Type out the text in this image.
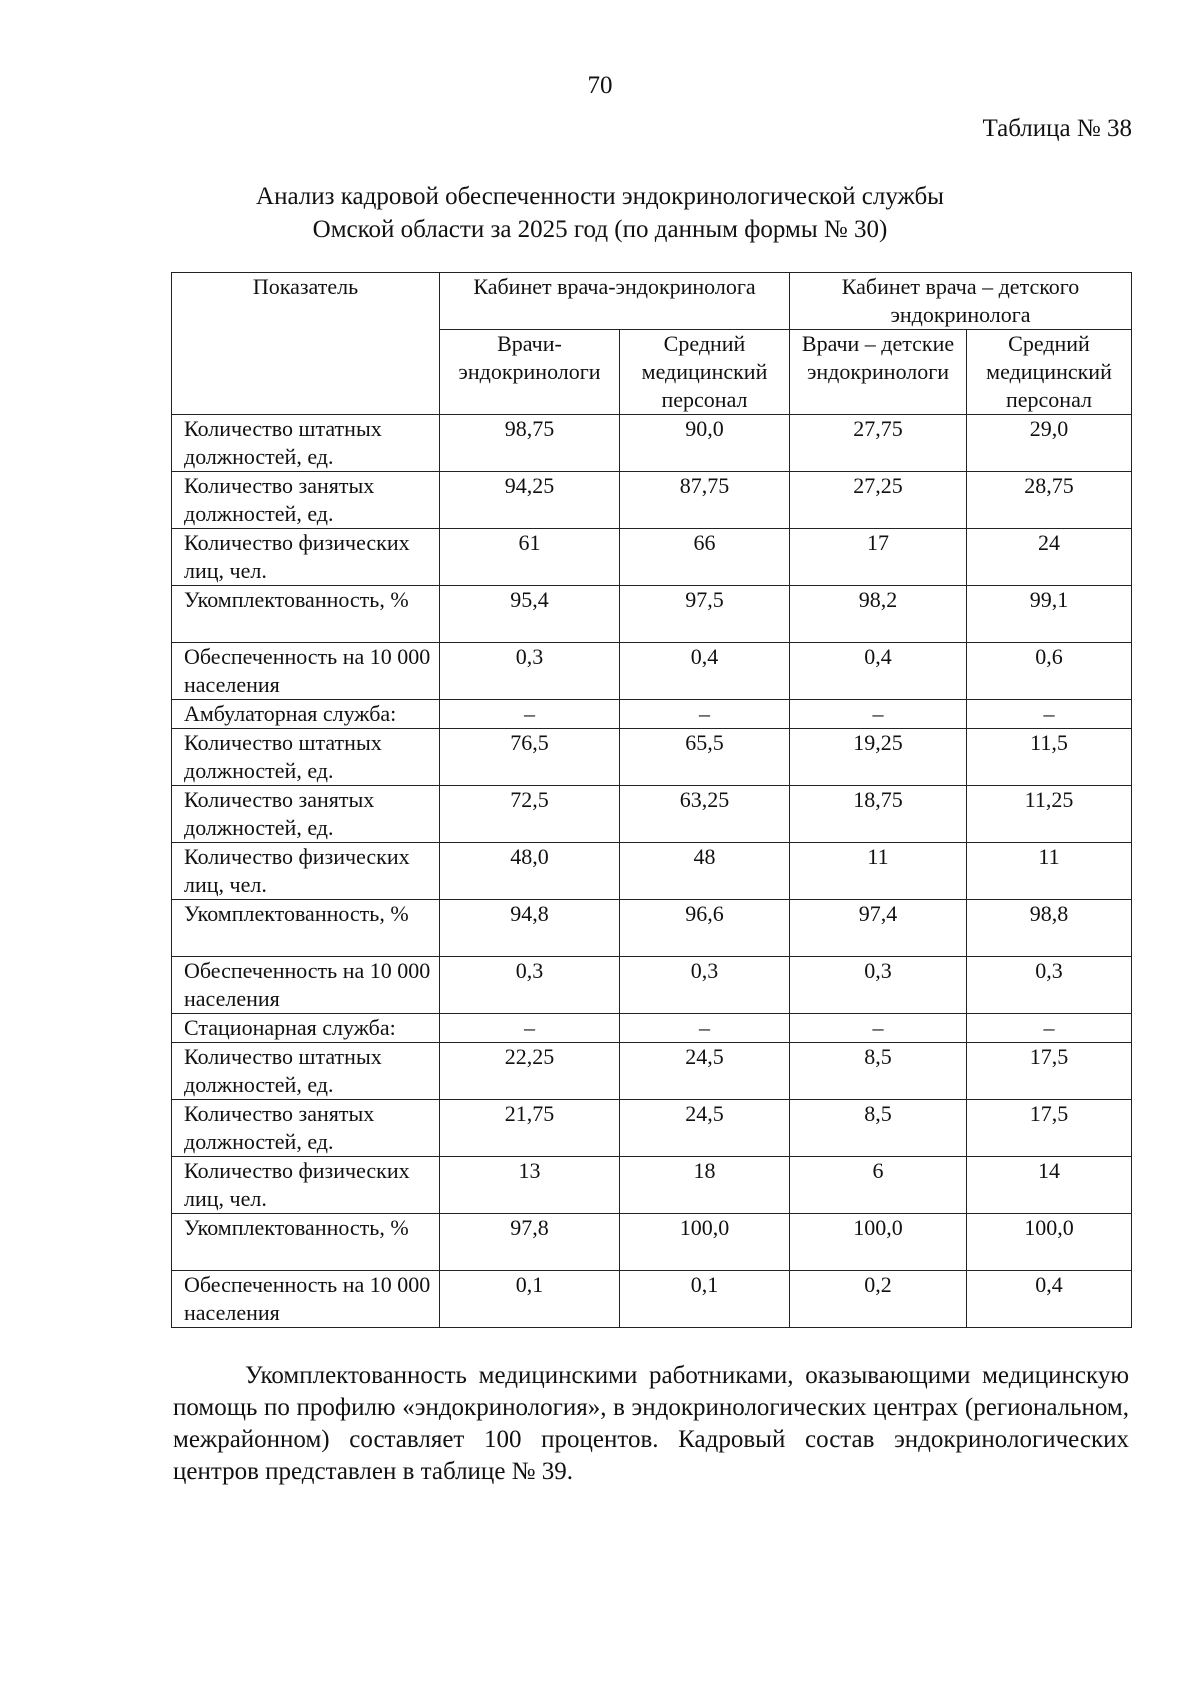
70
Таблица № 38
Анализ кадровой обеспеченности эндокринологической службы
Омской области за 2025 год (по данным формы № 30)
Показатель	Кабинет врача-эндокринолога		Кабинет врача – детского эндокринолога	
	Врачи-эндокринологи	Средний медицинский персонал	Врачи – детские эндокринологи	Средний медицинский персонал
Количество штатных должностей, ед.	98,75	90,0	27,75	29,0
Количество занятых должностей, ед.	94,25	87,75	27,25	28,75
Количество физических лиц, чел.	61	66	17	24
Укомплектованность, %	95,4	97,5	98,2	99,1
Обеспеченность на 10 000 населения	0,3	0,4	0,4	0,6
Амбулаторная служба:	–	–	–	–
Количество штатных должностей, ед.	76,5	65,5	19,25	11,5
Количество занятых должностей, ед.	72,5	63,25	18,75	11,25
Количество физических лиц, чел.	48,0	48	11	11
Укомплектованность, %	94,8	96,6	97,4	98,8
Обеспеченность на 10 000 населения	0,3	0,3	0,3	0,3
Стационарная служба:	–	–	–	–
Количество штатных должностей, ед.	22,25	24,5	8,5	17,5
Количество занятых должностей, ед.	21,75	24,5	8,5	17,5
Количество физических лиц, чел.	13	18	6	14
Укомплектованность, %	97,8	100,0	100,0	100,0
Обеспеченность на 10 000 населения	0,1	0,1	0,2	0,4
Укомплектованность медицинскими работниками, оказывающими медицинскую помощь по профилю «эндокринология», в эндокринологических центрах (региональном, межрайонном) составляет 100 процентов. Кадровый состав эндокринологических центров представлен в таблице № 39.
